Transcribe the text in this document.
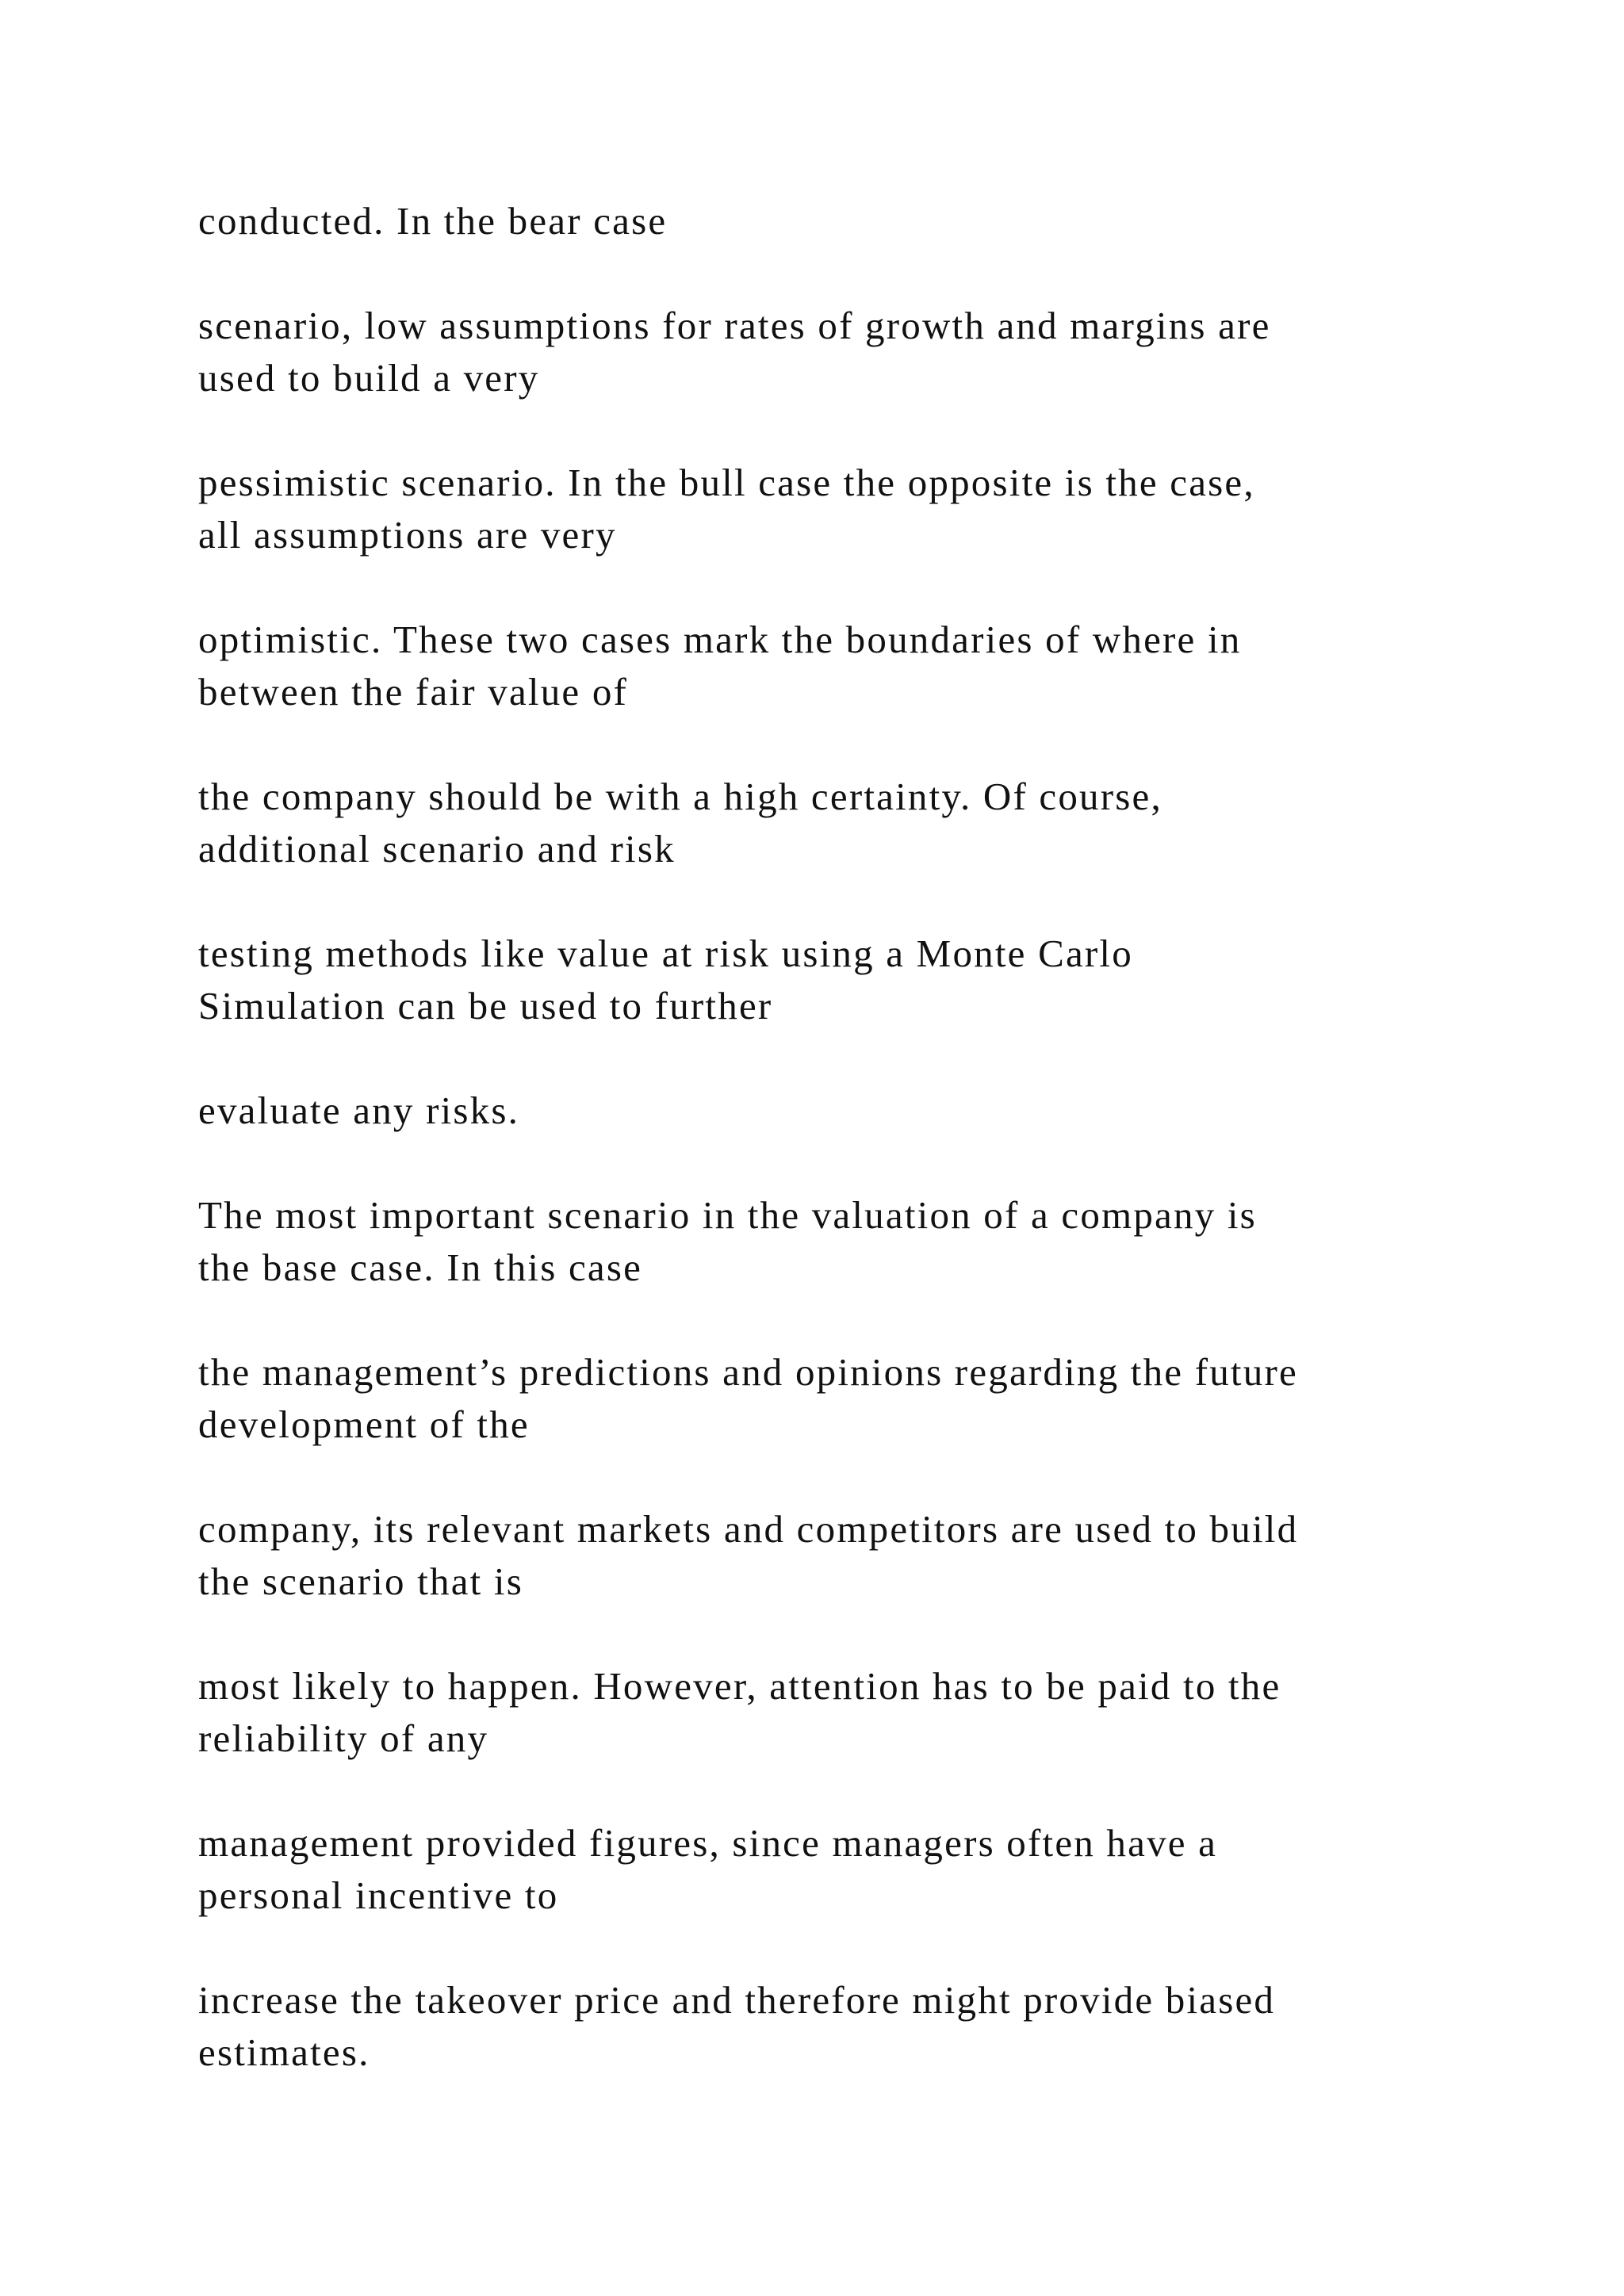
conducted. In the bear case

scenario, low assumptions for rates of growth and margins are
used to build a very

pessimistic scenario. In the bull case the opposite is the case,
all assumptions are very

optimistic. These two cases mark the boundaries of where in
between the fair value of

the company should be with a high certainty. Of course,
additional scenario and risk

testing methods like value at risk using a Monte Carlo
Simulation can be used to further

evaluate any risks.

The most important scenario in the valuation of a company is
the base case. In this case

the management’s predictions and opinions regarding the future
development of the

company, its relevant markets and competitors are used to build
the scenario that is

most likely to happen. However, attention has to be paid to the
reliability of any

management provided figures, since managers often have a
personal incentive to

increase the takeover price and therefore might provide biased
estimates.
